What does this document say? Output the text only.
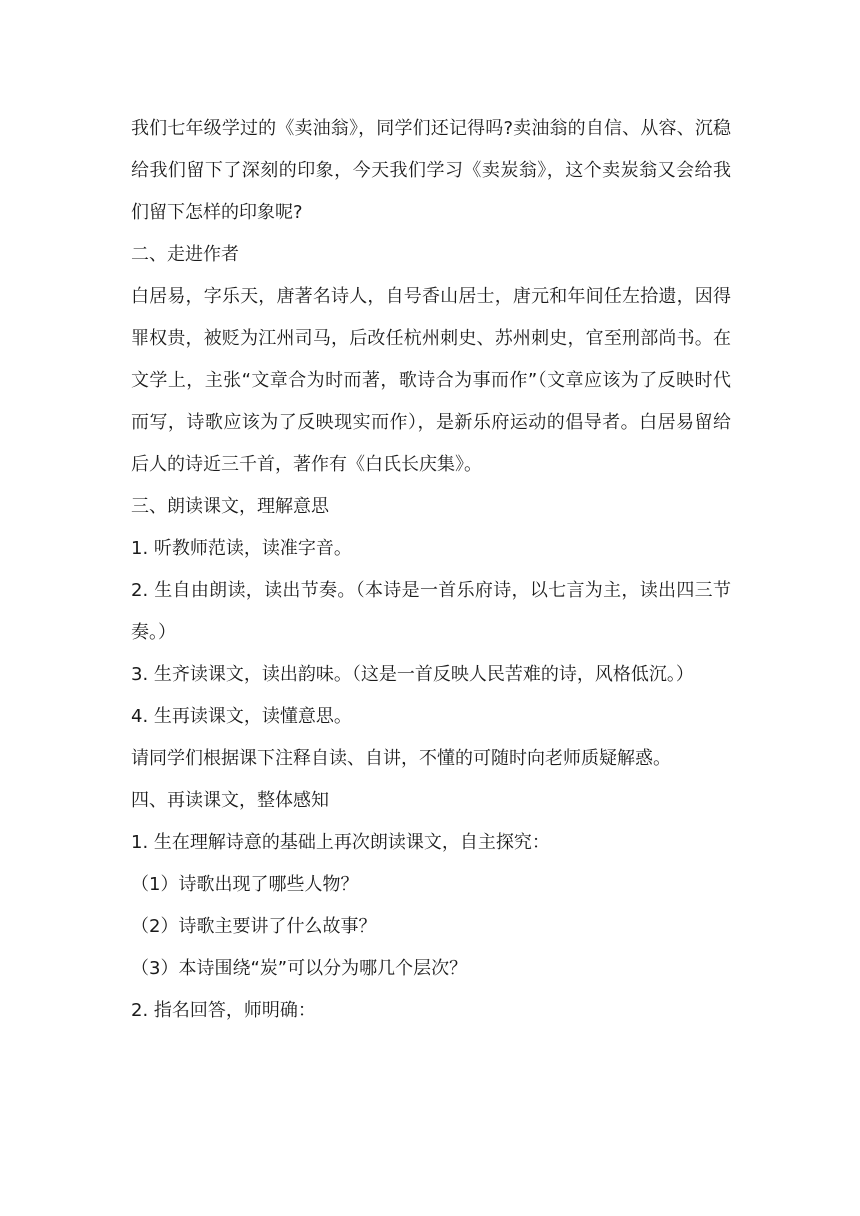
我们七年级学过的《卖油翁》，同学们还记得吗?卖油翁的自信、从容、沉稳给我们留下了深刻的印象，今天我们学习《卖炭翁》，这个卖炭翁又会给我们留下怎样的印象呢?

二、走进作者

白居易，字乐天，唐著名诗人，自号香山居士，唐元和年间任左拾遗，因得罪权贵，被贬为江州司马，后改任杭州刺史、苏州刺史，官至刑部尚书。在文学上，主张“文章合为时而著，歌诗合为事而作”（文章应该为了反映时代而写，诗歌应该为了反映现实而作），是新乐府运动的倡导者。白居易留给后人的诗近三千首，著作有《白氏长庆集》。

三、朗读课文，理解意思

1. 听教师范读，读准字音。

2. 生自由朗读，读出节奏。（本诗是一首乐府诗，以七言为主，读出四三节奏。）

3. 生齐读课文，读出韵味。（这是一首反映人民苦难的诗，风格低沉。）

4. 生再读课文，读懂意思。

请同学们根据课下注释自读、自讲，不懂的可随时向老师质疑解惑。

四、再读课文，整体感知

1. 生在理解诗意的基础上再次朗读课文，自主探究：

（1）诗歌出现了哪些人物？

（2）诗歌主要讲了什么故事？

（3）本诗围绕“炭”可以分为哪几个层次？

2. 指名回答，师明确：
